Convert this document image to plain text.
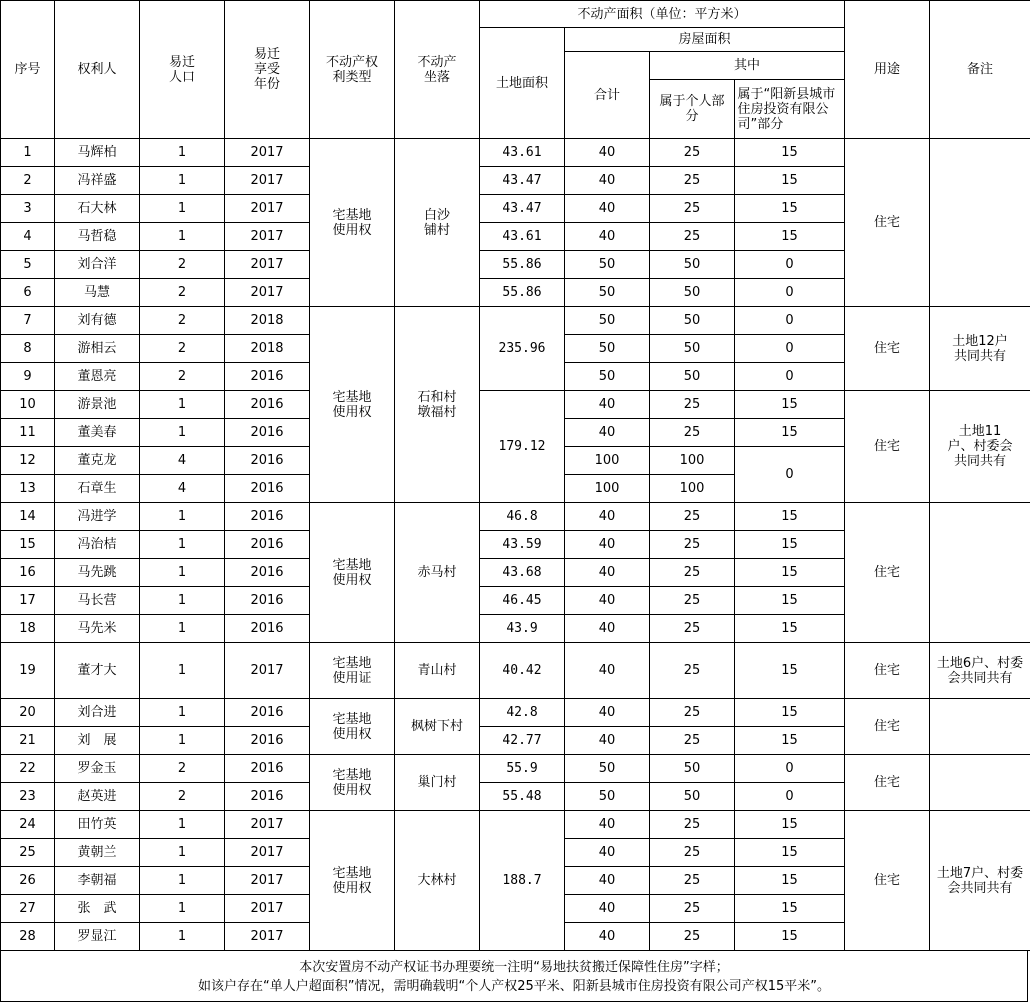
序号	权利人	易迁人口	易迁享受年份	不动产权利类型	不动产坐落	不动产面积（单位：平方米）				用途	备注
						土地面积	房屋面积				
							合计	其中			

								属于个人部分	属于“阳新县城市住房投资有限公司”部分		

1	马辉柏	1	2017	宅基地使用权	白沙铺村	43.61	40	25	15	住宅	
2	冯祥盛	1	2017			43.47	40	25	15		
3	石大林	1	2017			43.47	40	25	15		
4	马哲稳	1	2017			43.61	40	25	15		
5	刘合洋	2	2017			55.86	50	50	0		
6	马慧	2	2017			55.86	50	50	0		
7	刘有德	2	2018	宅基地使用权	石和村墩福村	235.96	50	50	0	住宅	土地12户共同共有

8	游相云	2	2018				50	50	0		
9	董恩亮	2	2016				50	50	0		
10	游景池	1	2016			179.12	40	25	15	住宅	土地11户、村委会共同共有

11	董美春	1	2016				40	25	15		
12	董克龙	4	2016				100	100	0		
13	石章生	4	2016				100	100			
14	冯进学	1	2016	宅基地使用权	赤马村	46.8	40	25	15	住宅	
15	冯治桔	1	2016			43.59	40	25	15		
16	马先跳	1	2016			43.68	40	25	15		
17	马长营	1	2016			46.45	40	25	15		
18	马先米	1	2016			43.9	40	25	15		
19	董才大	1	2017	宅基地使用证	青山村	40.42	40	25	15	住宅	土地6户、村委会共同共有

20	刘合进	1	2016	宅基地使用权	枫树下村	42.8	40	25	15	住宅	
21	刘　展	1	2016			42.77	40	25	15		
22	罗金玉	2	2016	宅基地使用权	巢门村	55.9	50	50	0	住宅	
23	赵英进	2	2016			55.48	50	50	0		
24	田竹英	1	2017	宅基地使用权	大林村	188.7	40	25	15	住宅	土地7户、村委会共同共有

25	黄朝兰	1	2017				40	25	15		
26	李朝福	1	2017				40	25	15		
27	张　武	1	2017				40	25	15		
28	罗显江	1	2017				40	25	15		
本次安置房不动产权证书办理要统一注明“易地扶贫搬迁保障性住房”字样；
如该户存在“单人户超面积”情况，需明确载明“个人产权25平米、阳新县城市住房投资有限公司产权15平米”。
